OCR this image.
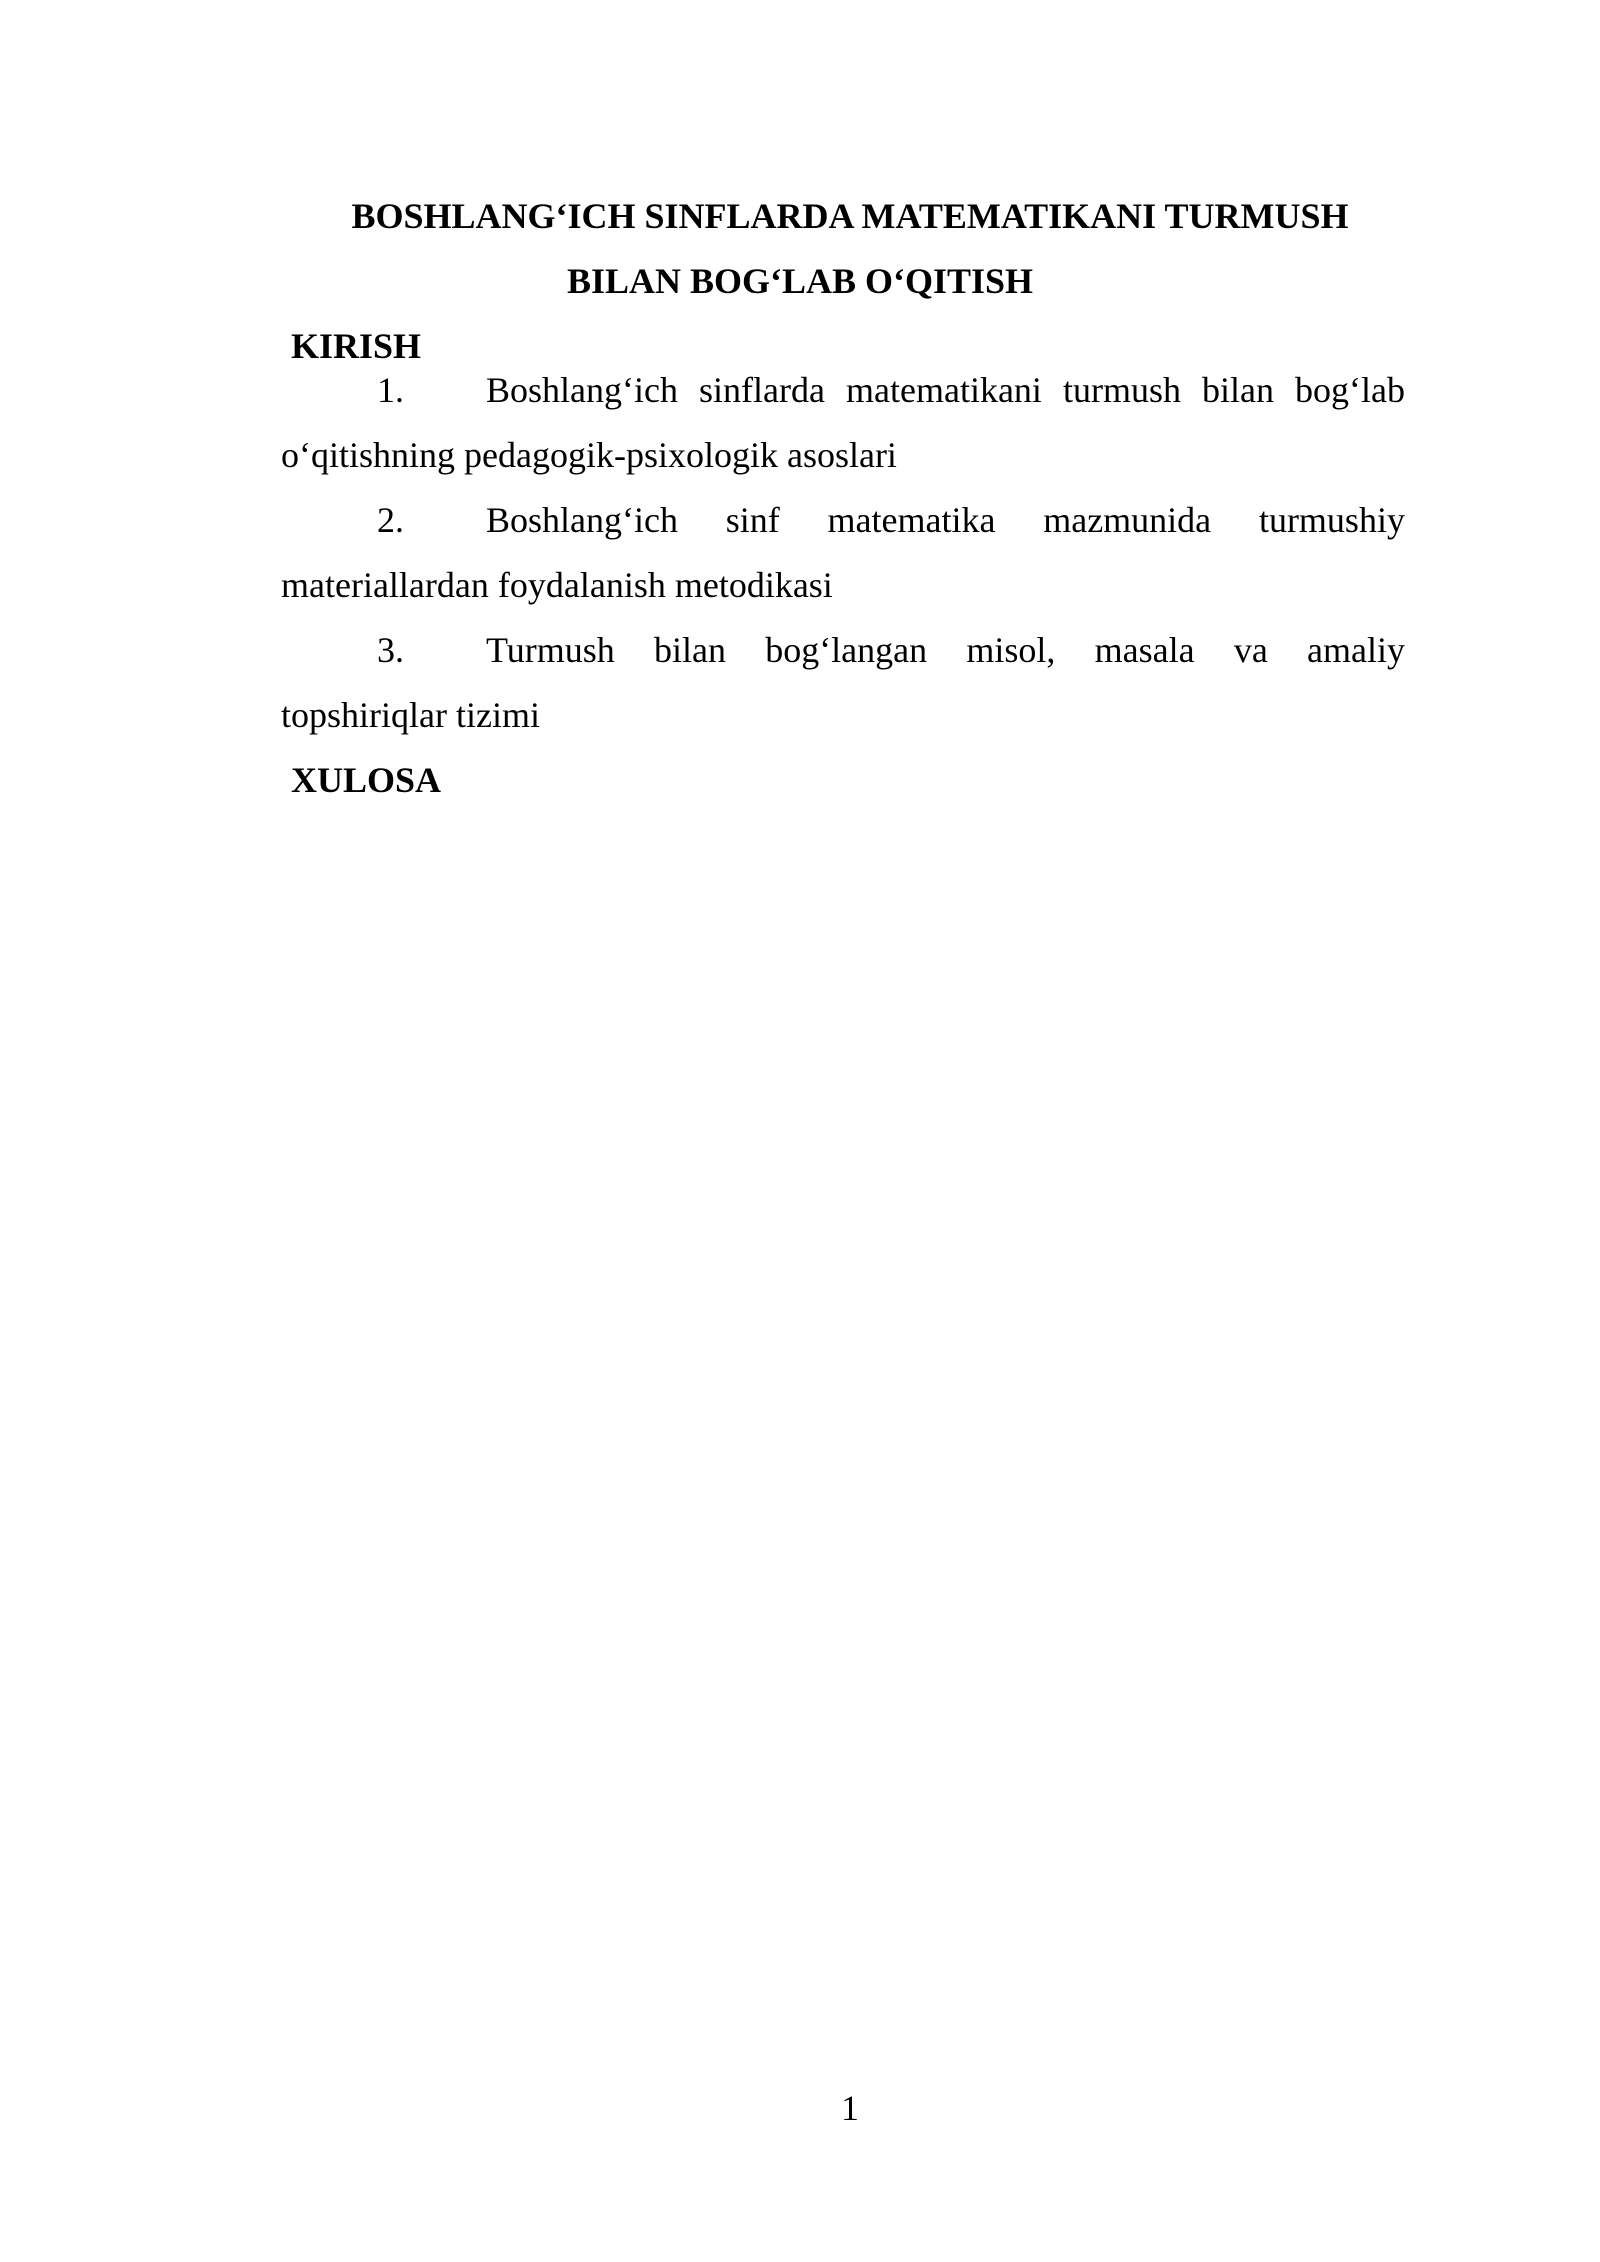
BOSHLANG‘ICH SINFLARDA MATEMATIKANI TURMUSH
BILAN BOG‘LAB O‘QITISH
KIRISH
1. Boshlang‘ich sinflarda matematikani turmush bilan bog‘lab
o‘qitishning pedagogik-psixologik asoslari
2. Boshlang‘ich sinf matematika mazmunida turmushiy
materiallardan foydalanish metodikasi
3. Turmush bilan bog‘langan misol, masala va amaliy
topshiriqlar tizimi
XULOSA
1
